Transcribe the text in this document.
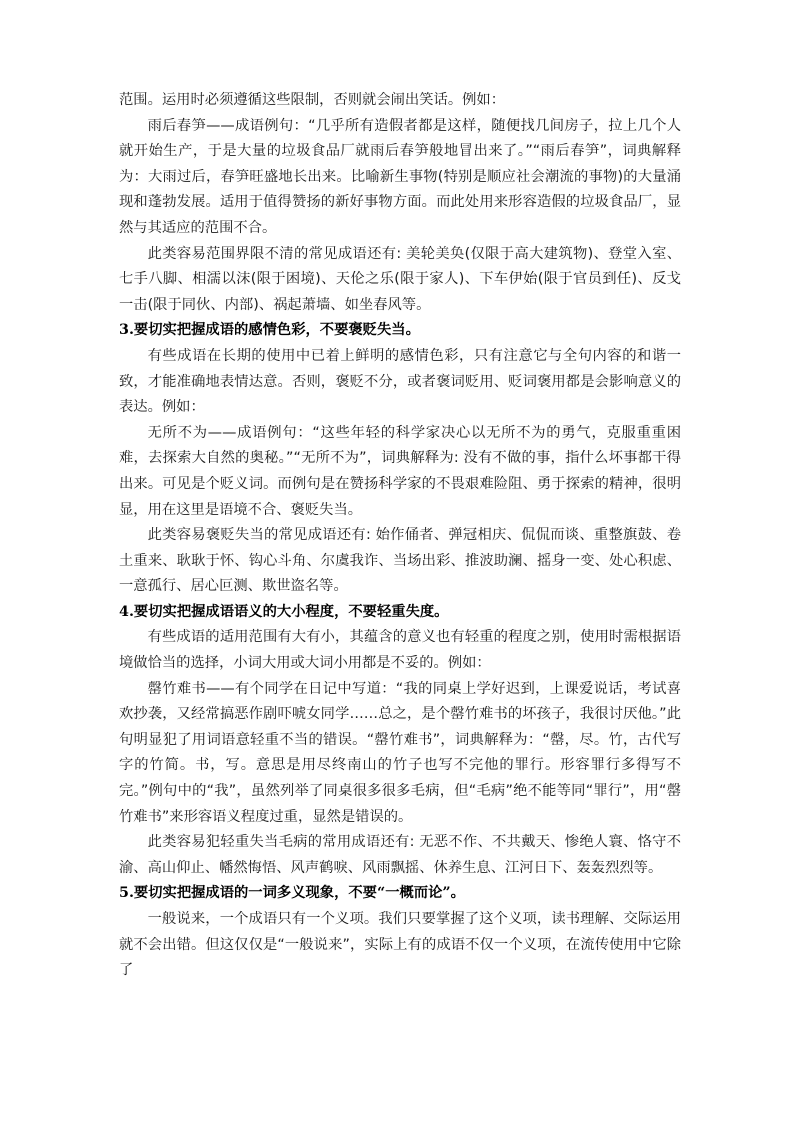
范围。运用时必须遵循这些限制，否则就会闹出笑话。例如：

雨后春笋——成语例句：“几乎所有造假者都是这样，随便找几间房子，拉上几个人就开始生产，于是大量的垃圾食品厂就雨后春笋般地冒出来了。”“雨后春笋”，词典解释为：大雨过后，春笋旺盛地长出来。比喻新生事物(特别是顺应社会潮流的事物)的大量涌现和蓬勃发展。适用于值得赞扬的新好事物方面。而此处用来形容造假的垃圾食品厂，显然与其适应的范围不合。

此类容易范围界限不清的常见成语还有: 美轮美奂(仅限于高大建筑物)、登堂入室、七手八脚、相濡以沫(限于困境)、天伦之乐(限于家人)、下车伊始(限于官员到任)、反戈一击(限于同伙、内部)、祸起萧墙、如坐春风等。

3.要切实把握成语的感情色彩，不要褒贬失当。

有些成语在长期的使用中已着上鲜明的感情色彩，只有注意它与全句内容的和谐一致，才能准确地表情达意。否则，褒贬不分，或者褒词贬用、贬词褒用都是会影响意义的表达。例如：

无所不为——成语例句：“这些年轻的科学家决心以无所不为的勇气，克服重重困难，去探索大自然的奥秘。”“无所不为”，词典解释为: 没有不做的事，指什么坏事都干得出来。可见是个贬义词。而例句是在赞扬科学家的不畏艰难险阻、勇于探索的精神，很明显，用在这里是语境不合、褒贬失当。

此类容易褒贬失当的常见成语还有: 始作俑者、弹冠相庆、侃侃而谈、重整旗鼓、卷土重来、耿耿于怀、钩心斗角、尔虞我诈、当场出彩、推波助澜、摇身一变、处心积虑、一意孤行、居心叵测、欺世盗名等。

4.要切实把握成语语义的大小程度，不要轻重失度。

有些成语的适用范围有大有小，其蕴含的意义也有轻重的程度之别，使用时需根据语境做恰当的选择，小词大用或大词小用都是不妥的。例如：

罄竹难书——有个同学在日记中写道：“我的同桌上学好迟到，上课爱说话，考试喜欢抄袭，又经常搞恶作剧吓唬女同学……总之，是个罄竹难书的坏孩子，我很讨厌他。”此句明显犯了用词语意轻重不当的错误。“罄竹难书”，词典解释为：“罄，尽。竹，古代写字的竹简。书，写。意思是用尽终南山的竹子也写不完他的罪行。形容罪行多得写不完。”例句中的“我”，虽然列举了同桌很多很多毛病，但“毛病”绝不能等同“罪行”，用“罄竹难书”来形容语义程度过重，显然是错误的。

此类容易犯轻重失当毛病的常用成语还有: 无恶不作、不共戴天、惨绝人寰、恪守不渝、高山仰止、幡然悔悟、风声鹤唳、风雨飘摇、休养生息、江河日下、轰轰烈烈等。

5.要切实把握成语的一词多义现象，不要“一概而论”。

一般说来，一个成语只有一个义项。我们只要掌握了这个义项，读书理解、交际运用就不会出错。但这仅仅是“一般说来”，实际上有的成语不仅一个义项，在流传使用中它除了
